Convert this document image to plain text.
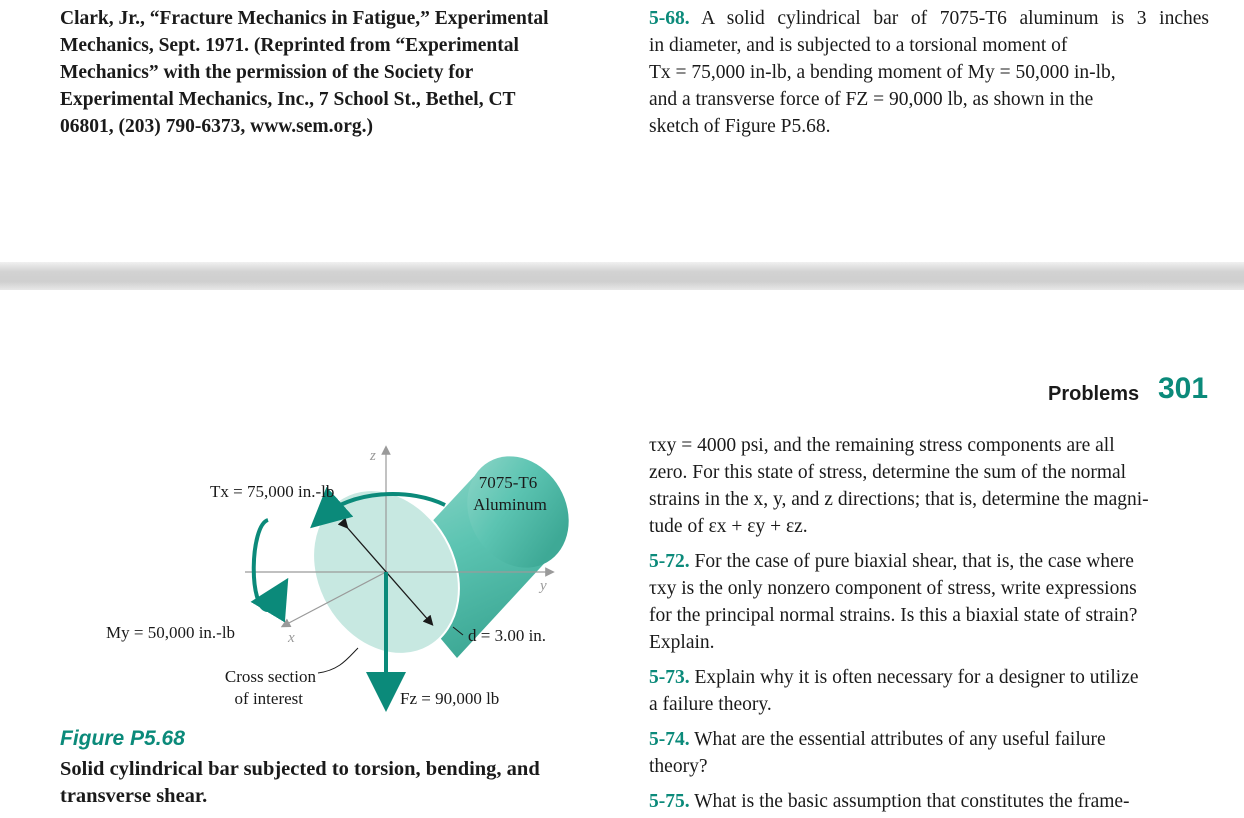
Clark, Jr., “Fracture Mechanics in Fatigue,” Experimental
Mechanics, Sept. 1971. (Reprinted from “Experimental
Mechanics” with the permission of the Society for
Experimental Mechanics, Inc., 7 School St., Bethel, CT
06801, (203) 790-6373, www.sem.org.)
5-68. A solid cylindrical bar of 7075-T6 aluminum is 3 inches
in diameter, and is subjected to a torsional moment of
Tx = 75,000 in-lb, a bending moment of My = 50,000 in-lb,
and a transverse force of FZ = 90,000 lb, as shown in the
sketch of Figure P5.68.
Problems 301
τxy = 4000 psi, and the remaining stress components are all
zero. For this state of stress, determine the sum of the normal
strains in the x, y, and z directions; that is, determine the magni-
tude of εx + εy + εz.
5-72. For the case of pure biaxial shear, that is, the case where
τxy is the only nonzero component of stress, write expressions
for the principal normal strains. Is this a biaxial state of strain?
Explain.
5-73. Explain why it is often necessary for a designer to utilize
a failure theory.
5-74. What are the essential attributes of any useful failure
theory?
5-75. What is the basic assumption that constitutes the frame-
Tx = 75,000 in.-lb
My = 50,000 in.-lb
7075-T6
Aluminum
d = 3.00 in.
Fz = 90,000 lb
Cross section
of interest
z
y
x
Figure P5.68
Solid cylindrical bar subjected to torsion, bending, and
transverse shear.
